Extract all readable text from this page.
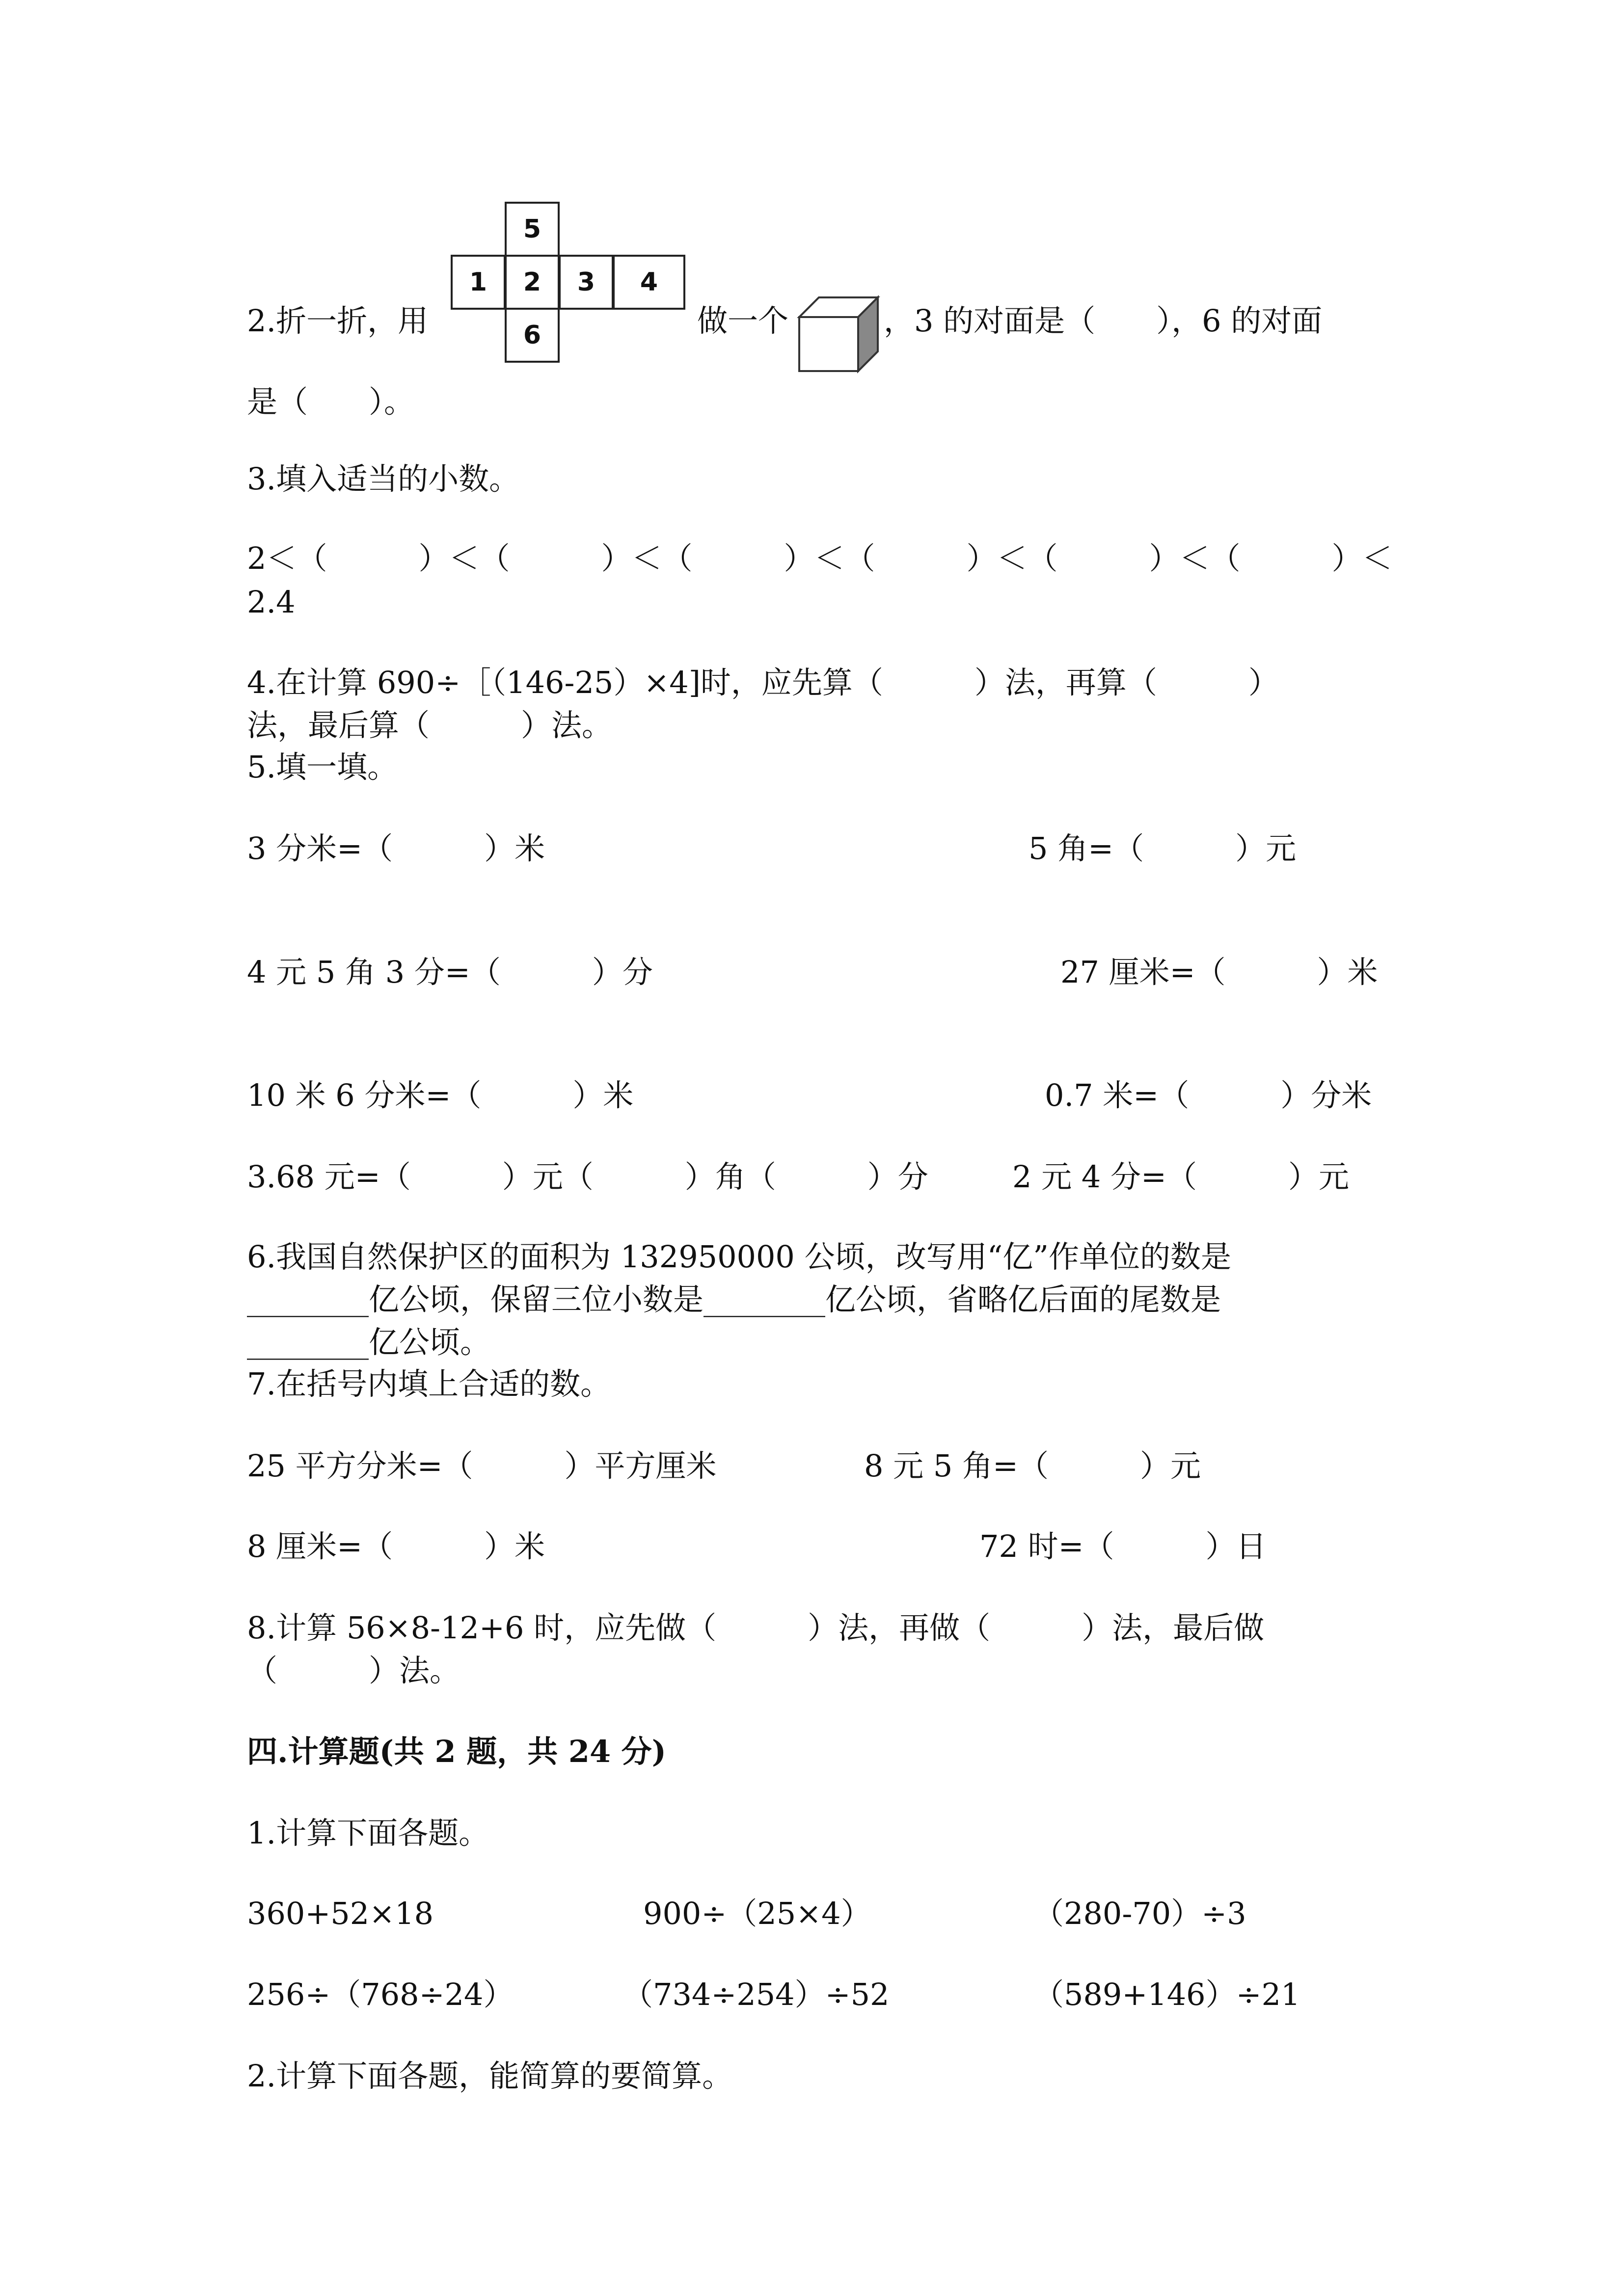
2.折一折，用
5
1	2	3	4
6	做一个	，3 的对面是（　　），6 的对面
是（　　）。
3.填入适当的小数。
2＜（　　　）＜（　　　）＜（　　　）＜（　　　）＜（　　　）＜（　　　）＜
2.4
4.在计算 690÷［（146-25）×4]时，应先算（　　　）法，再算（　　　）
法，最后算（　　　）法。
5.填一填。
3 分米=（　　　）米	5 角=（　　　）元
4 元 5 角 3 分=（　　　）分	27 厘米=（　　　）米
10 米 6 分米=（　　　）米	0.7 米=（　　　）分米
3.68 元=（　　　）元（　　　）角（　　　）分	2 元 4 分=（　　　）元
6.我国自然保护区的面积为 132950000 公顷，改写用“亿”作单位的数是
________亿公顷，保留三位小数是________亿公顷，省略亿后面的尾数是
________亿公顷。
7.在括号内填上合适的数。
25 平方分米=（　　　）平方厘米	8 元 5 角=（　　　）元
8 厘米=（　　　）米	72 时=（　　　）日
8.计算 56×8-12+6 时，应先做（　　　）法，再做（　　　）法，最后做
（　　　）法。
四.计算题(共 2 题，共 24 分)
1.计算下面各题。
360+52×18	900÷（25×4）	（280-70）÷3
256÷（768÷24）	（734÷254）÷52	（589+146）÷21
2.计算下面各题，能简算的要简算。
